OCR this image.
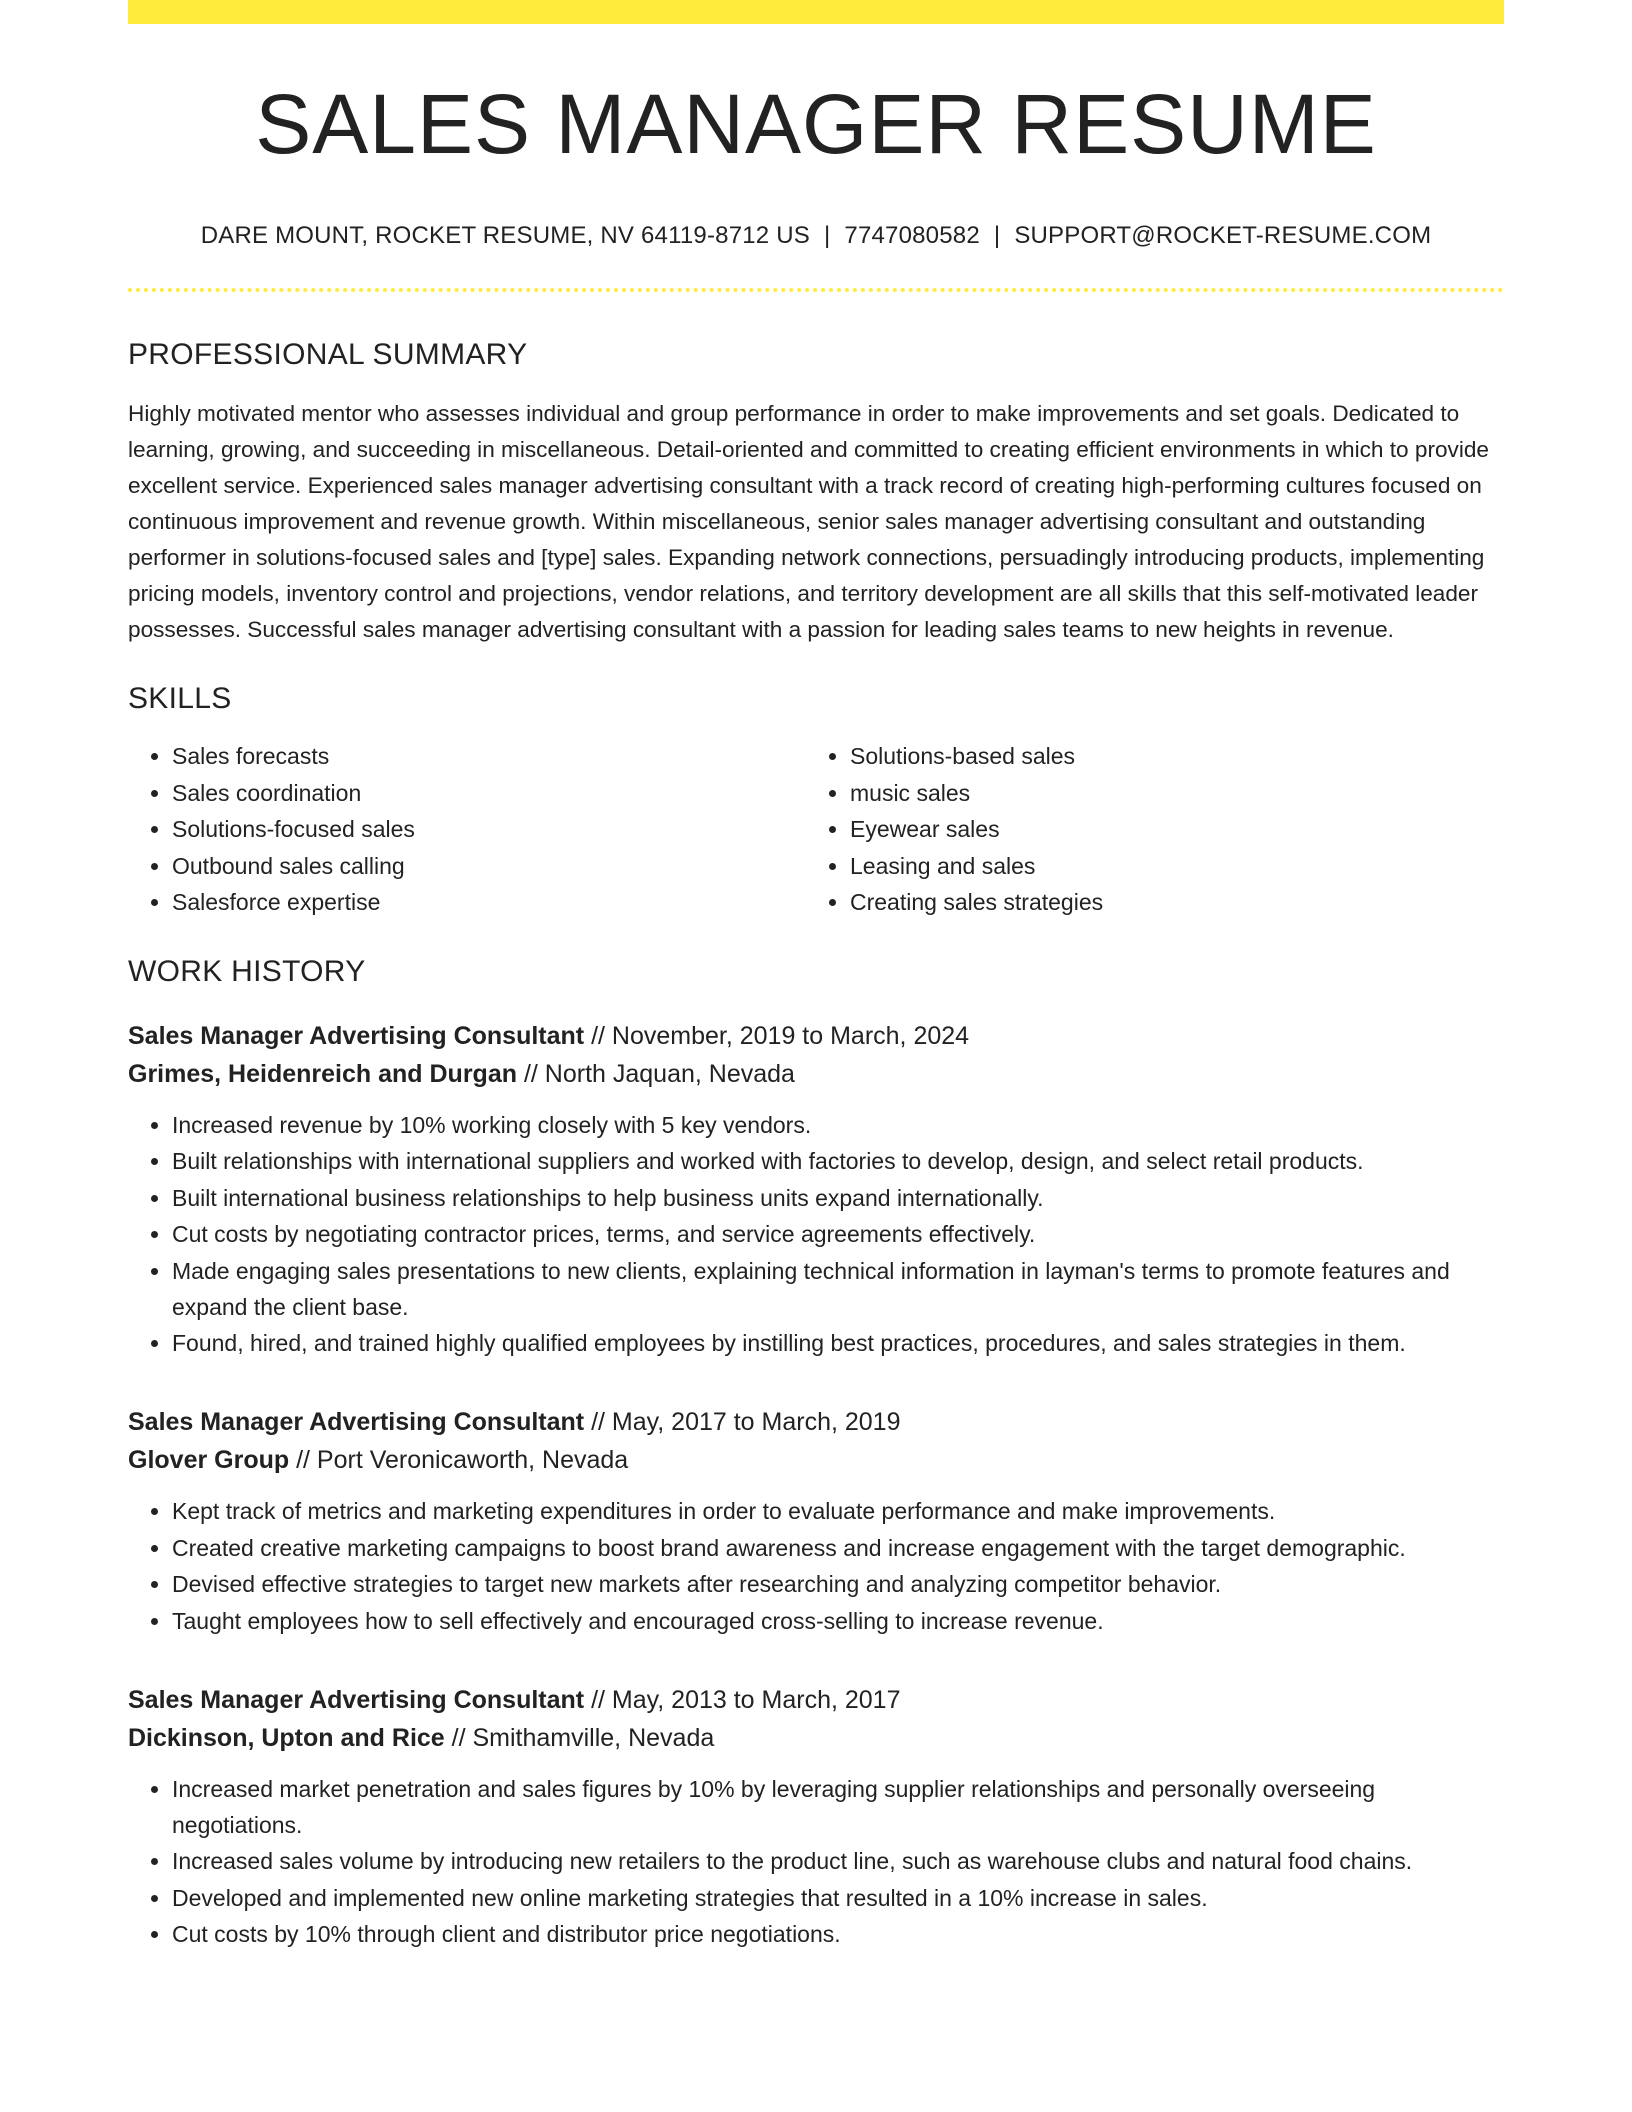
SALES MANAGER RESUME
DARE MOUNT, ROCKET RESUME, NV 64119-8712 US | 7747080582 | SUPPORT@ROCKET-RESUME.COM
PROFESSIONAL SUMMARY

Highly motivated mentor who assesses individual and group performance in order to make improvements and set goals. Dedicated to learning, growing, and succeeding in miscellaneous. Detail-oriented and committed to creating efficient environments in which to provide excellent service. Experienced sales manager advertising consultant with a track record of creating high-performing cultures focused on continuous improvement and revenue growth. Within miscellaneous, senior sales manager advertising consultant and outstanding performer in solutions-focused sales and [type] sales. Expanding network connections, persuadingly introducing products, implementing pricing models, inventory control and projections, vendor relations, and territory development are all skills that this self-motivated leader possesses. Successful sales manager advertising consultant with a passion for leading sales teams to new heights in revenue.

SKILLS
• Sales forecasts
• Sales coordination
• Solutions-focused sales
• Outbound sales calling
• Salesforce expertise
• Solutions-based sales
• music sales
• Eyewear sales
• Leasing and sales
• Creating sales strategies
WORK HISTORY
Sales Manager Advertising Consultant // November, 2019 to March, 2024
Grimes, Heidenreich and Durgan // North Jaquan, Nevada
• Increased revenue by 10% working closely with 5 key vendors.
• Built relationships with international suppliers and worked with factories to develop, design, and select retail products.
• Built international business relationships to help business units expand internationally.
• Cut costs by negotiating contractor prices, terms, and service agreements effectively.
• Made engaging sales presentations to new clients, explaining technical information in layman's terms to promote features and expand the client base.
• Found, hired, and trained highly qualified employees by instilling best practices, procedures, and sales strategies in them.
Sales Manager Advertising Consultant // May, 2017 to March, 2019
Glover Group // Port Veronicaworth, Nevada
• Kept track of metrics and marketing expenditures in order to evaluate performance and make improvements.
• Created creative marketing campaigns to boost brand awareness and increase engagement with the target demographic.
• Devised effective strategies to target new markets after researching and analyzing competitor behavior.
• Taught employees how to sell effectively and encouraged cross-selling to increase revenue.
Sales Manager Advertising Consultant // May, 2013 to March, 2017
Dickinson, Upton and Rice // Smithamville, Nevada
• Increased market penetration and sales figures by 10% by leveraging supplier relationships and personally overseeing negotiations.
• Increased sales volume by introducing new retailers to the product line, such as warehouse clubs and natural food chains.
• Developed and implemented new online marketing strategies that resulted in a 10% increase in sales.
• Cut costs by 10% through client and distributor price negotiations.
